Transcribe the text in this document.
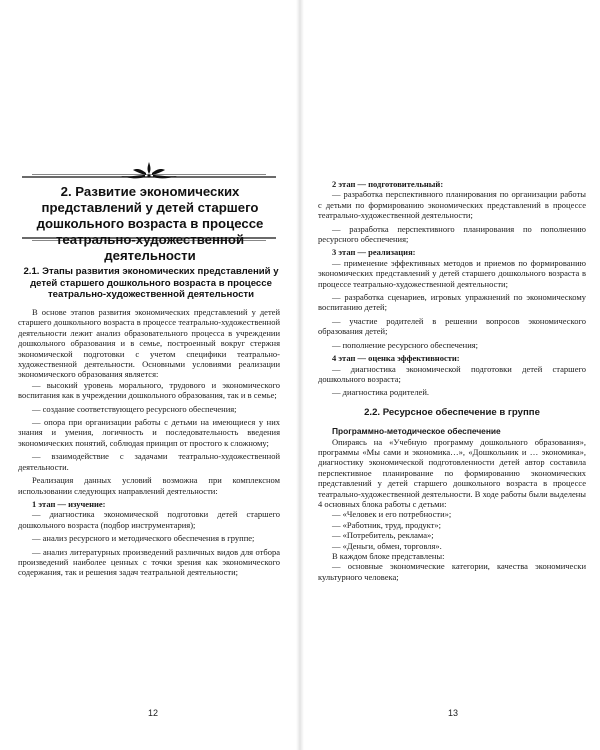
2. Развитие экономических представлений у детей старшего дошкольного возраста в процессе театрально-художественной деятельности
2.1. Этапы развития экономических представлений у детей старшего дошкольного возраста в процессе театрально-художественной деятельности

В основе этапов развития экономических представлений у детей старшего дошкольного возраста в процессе театрально-художественной деятельности лежит анализ образовательного процесса в учреждении дошкольного образования и в семье, построенный вокруг стержня экономической подготовки с учетом специфики театрально-художественной деятельности. Основными условиями реализации экономического образования является:

— высокий уровень морального, трудового и экономического воспитания как в учреждении дошкольного образования, так и в семье;

— создание соответствующего ресурсного обеспечения;

— опора при организации работы с детьми на имеющиеся у них знания и умения, логичность и последовательность введения экономических понятий, соблюдая принцип от простого к сложному;

— взаимодействие с задачами театрально-художественной деятельности.

Реализация данных условий возможна при комплексном использовании следующих направлений деятельности:

1 этап — изучение:

— диагностика экономической подготовки детей старшего дошкольного возраста (подбор инструментария);

— анализ ресурсного и методического обеспечения в группе;

— анализ литературных произведений различных видов для отбора произведений наиболее ценных с точки зрения как экономического содержания, так и решения задач театральной деятельности;

12

2 этап — подготовительный:

— разработка перспективного планирования по организации работы с детьми по формированию экономических представлений в процессе театрально-художественной деятельности;

— разработка перспективного планирования по пополнению ресурсного обеспечения;

3 этап — реализация:

— применение эффективных методов и приемов по формированию экономических представлений у детей старшего дошкольного возраста в процессе театрально-художественной деятельности;

— разработка сценариев, игровых упражнений по экономическому воспитанию детей;

— участие родителей в решении вопросов экономического образования детей;

— пополнение ресурсного обеспечения;

4 этап — оценка эффективности:

— диагностика экономической подготовки детей старшего дошкольного возраста;

— диагностика родителей.

2.2. Ресурсное обеспечение в группе

Программно-методическое обеспечение

Опираясь на «Учебную программу дошкольного образования», программы «Мы сами и экономика…», «Дошкольник и … экономика», диагностику экономической подготовленности детей автор составила перспективное планирование по формированию экономических представлений у детей старшего дошкольного возраста в процессе театрально-художественной деятельности. В ходе работы были выделены 4 основных блока работы с детьми:

— «Человек и его потребности»;

— «Работник, труд, продукт»;

— «Потребитель, реклама»;

— «Деньги, обмен, торговля».

В каждом блоке представлены:

— основные экономические категории, качества экономически культурного человека;

13
